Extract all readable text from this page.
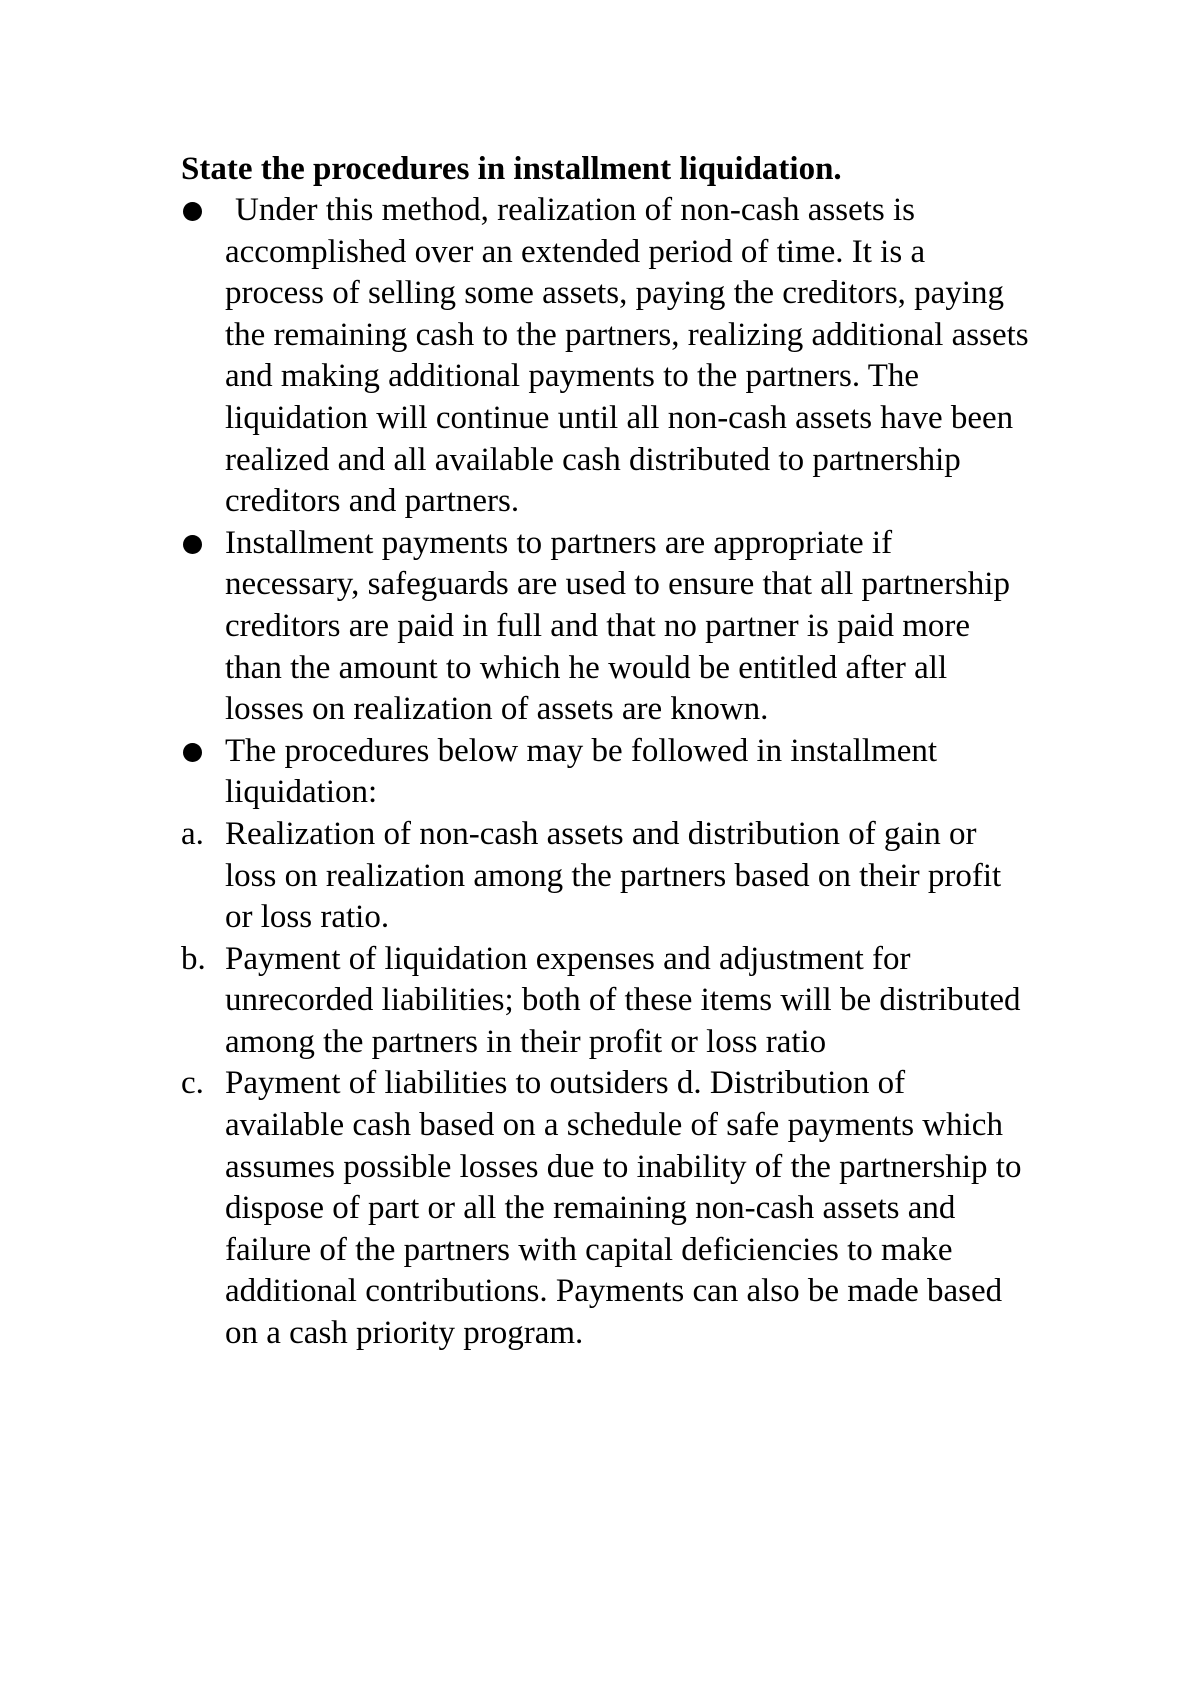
State the procedures in installment liquidation.

Under this method, realization of non-cash assets is accomplished over an extended period of time. It is a process of selling some assets, paying the creditors, paying the remaining cash to the partners, realizing additional assets and making additional payments to the partners. The liquidation will continue until all non-cash assets have been realized and all available cash distributed to partnership creditors and partners.
Installment payments to partners are appropriate if necessary, safeguards are used to ensure that all partnership creditors are paid in full and that no partner is paid more than the amount to which he would be entitled after all losses on realization of assets are known.
The procedures below may be followed in installment liquidation:
a. Realization of non-cash assets and distribution of gain or loss on realization among the partners based on their profit or loss ratio.
b. Payment of liquidation expenses and adjustment for unrecorded liabilities; both of these items will be distributed among the partners in their profit or loss ratio
c. Payment of liabilities to outsiders d. Distribution of available cash based on a schedule of safe payments which assumes possible losses due to inability of the partnership to dispose of part or all the remaining non-cash assets and failure of the partners with capital deficiencies to make additional contributions. Payments can also be made based on a cash priority program.
